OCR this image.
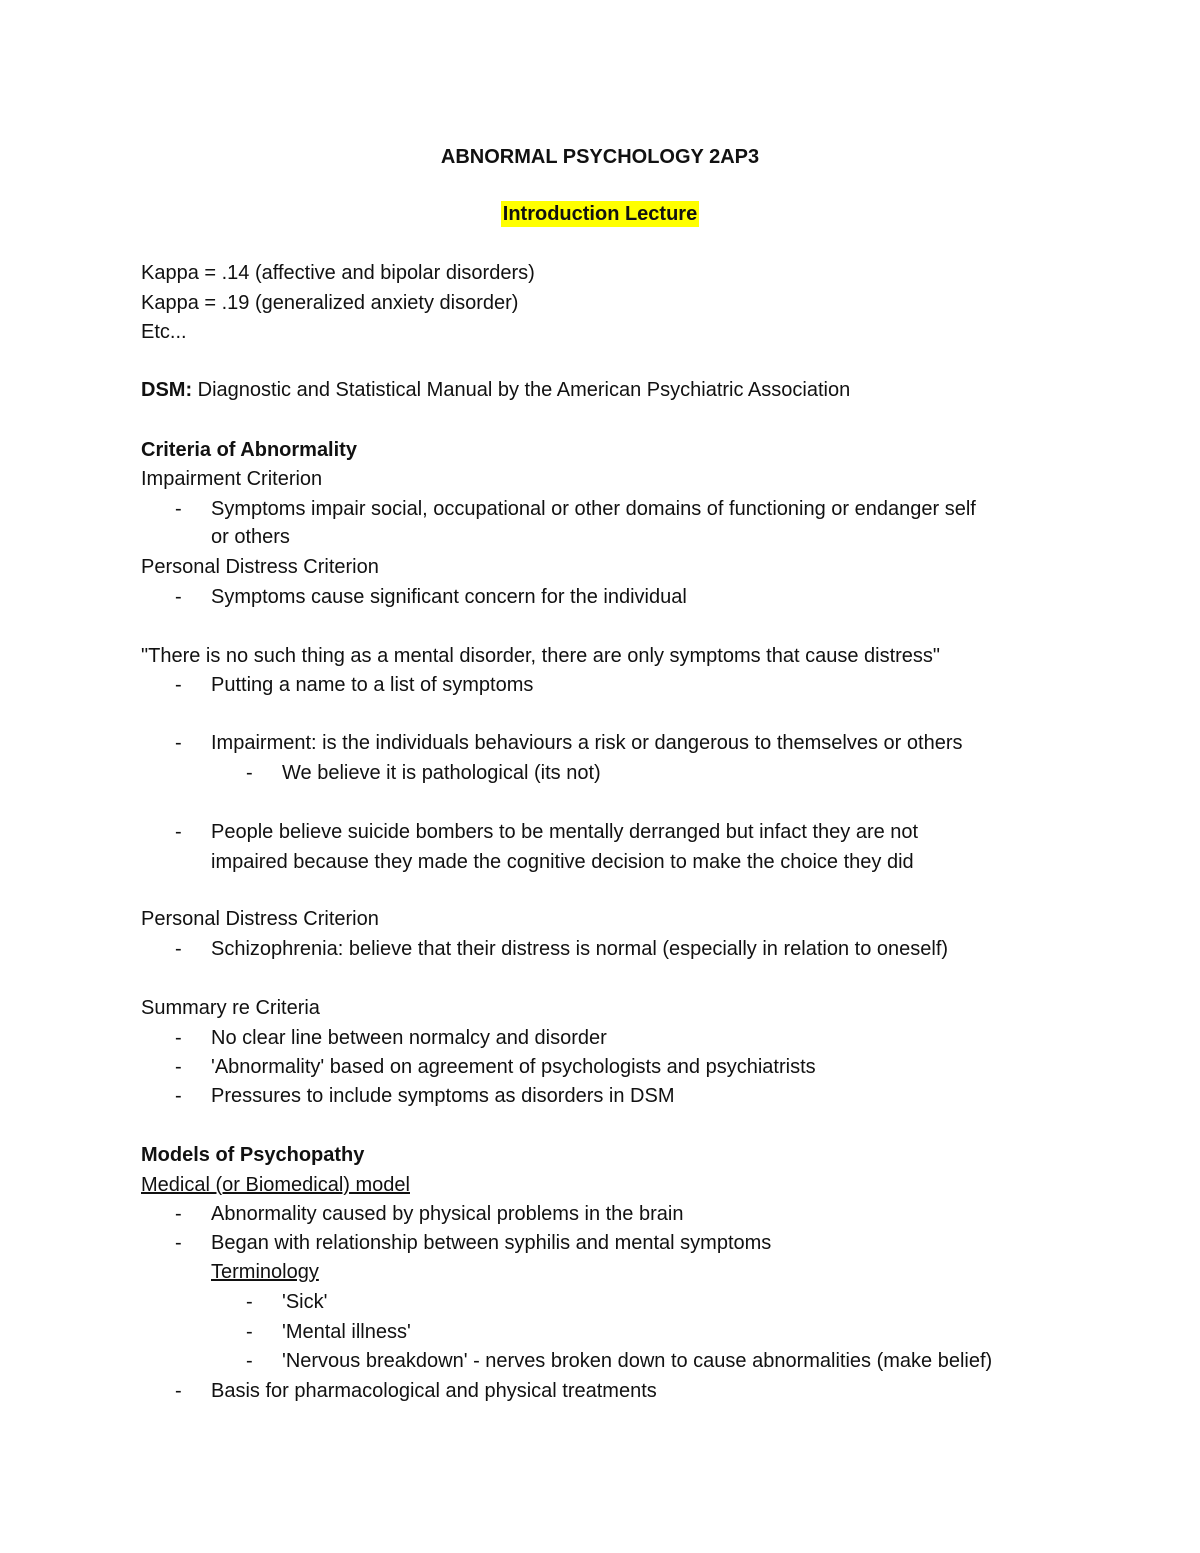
ABNORMAL PSYCHOLOGY 2AP3
Introduction Lecture
Kappa = .14 (affective and bipolar disorders)
Kappa = .19 (generalized anxiety disorder)
Etc...
DSM: Diagnostic and Statistical Manual by the American Psychiatric Association
Criteria of Abnormality
Impairment Criterion
- Symptoms impair social, occupational or other domains of functioning or endanger self
or others
Personal Distress Criterion
- Symptoms cause significant concern for the individual
"There is no such thing as a mental disorder, there are only symptoms that cause distress"
- Putting a name to a list of symptoms
- Impairment: is the individuals behaviours a risk or dangerous to themselves or others
- We believe it is pathological (its not)
- People believe suicide bombers to be mentally derranged but infact they are not
impaired because they made the cognitive decision to make the choice they did
Personal Distress Criterion
- Schizophrenia: believe that their distress is normal (especially in relation to oneself)
Summary re Criteria
- No clear line between normalcy and disorder
- 'Abnormality' based on agreement of psychologists and psychiatrists
- Pressures to include symptoms as disorders in DSM
Models of Psychopathy
Medical (or Biomedical) model
- Abnormality caused by physical problems in the brain
- Began with relationship between syphilis and mental symptoms
Terminology
- 'Sick'
- 'Mental illness'
- 'Nervous breakdown' - nerves broken down to cause abnormalities (make belief)
- Basis for pharmacological and physical treatments
